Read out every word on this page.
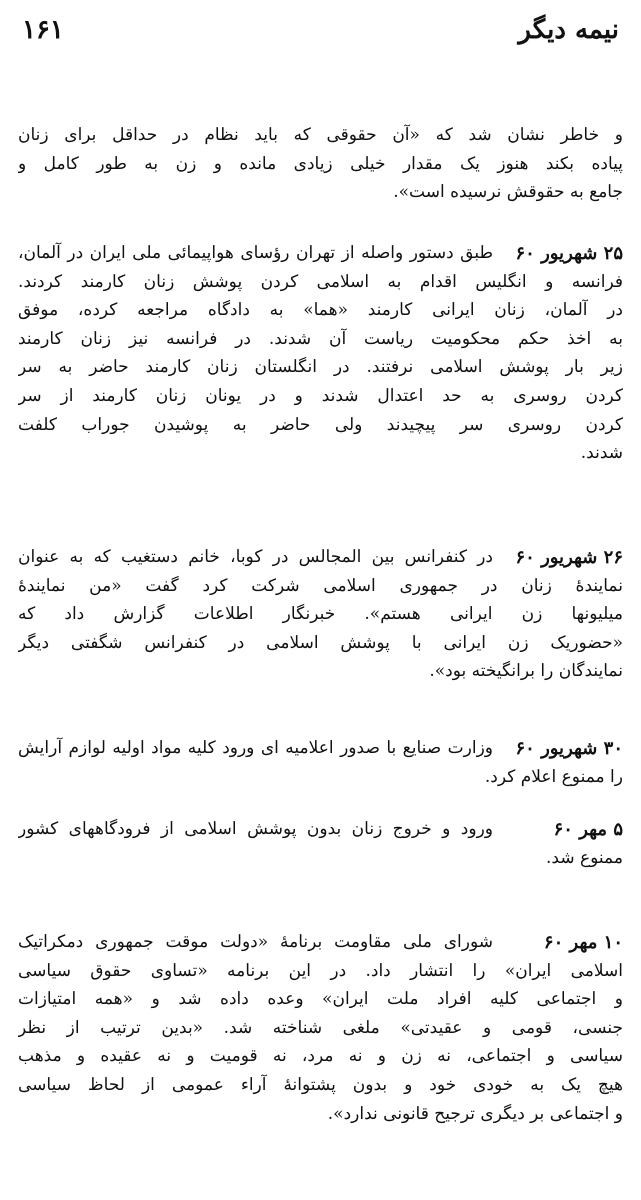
نیمه دیگر
۱۶۱
و خاطر نشان شد که «آن حقوقی که باید نظام در حداقل برای زنان
پیاده بکند هنوز یک مقدار خیلی زیادی مانده و زن به طور کامل و
جامع به حقوقش نرسیده است».
۲۵ شهریور ۶۰
طبق دستور واصله از تهران رؤسای هواپیمائی ملی ایران در آلمان،
فرانسه و انگلیس اقدام به اسلامی کردن پوشش زنان کارمند کردند.
در آلمان، زنان ایرانی کارمند «هما» به دادگاه مراجعه کرده، موفق
به اخذ حکم محکومیت ریاست آن شدند. در فرانسه نیز زنان کارمند
زیر بار پوشش اسلامی نرفتند. در انگلستان زنان کارمند حاضر به سر
کردن روسری به حد اعتدال شدند و در یونان زنان کارمند از سر
کردن روسری سر پیچیدند ولی حاضر به پوشیدن جوراب کلفت
شدند.
۲۶ شهریور ۶۰
در کنفرانس بین المجالس در کوبا، خانم دستغیب که به عنوان
نمایندهٔ زنان در جمهوری اسلامی شرکت کرد گفت «من نمایندهٔ
میلیونها زن ایرانی هستم». خبرنگار اطلاعات گزارش داد که
«حضوریک زن ایرانی با پوشش اسلامی در کنفرانس شگفتی دیگر
نمایندگان را برانگیخته بود».
۳۰ شهریور ۶۰
وزارت صنایع با صدور اعلامیه ای ورود کلیه مواد اولیه لوازم آرایش
را ممنوع اعلام کرد.
۵ مهر ۶۰
ورود و خروج زنان بدون پوشش اسلامی از فرودگاههای کشور
ممنوع شد.
۱۰ مهر ۶۰
شورای ملی مقاومت برنامهٔ «دولت موقت جمهوری دمکراتیک
اسلامی ایران» را انتشار داد. در این برنامه «تساوی حقوق سیاسی
و اجتماعی کلیه افراد ملت ایران» وعده داده شد و «همه امتیازات
جنسی، قومی و عقیدتی» ملغی شناخته شد. «بدین ترتیب از نظر
سیاسی و اجتماعی، نه زن و نه مرد، نه قومیت و نه عقیده و مذهب
هیچ یک به خودی خود و بدون پشتوانهٔ آراء عمومی از لحاظ سیاسی
و اجتماعی بر دیگری ترجیح قانونی ندارد».
